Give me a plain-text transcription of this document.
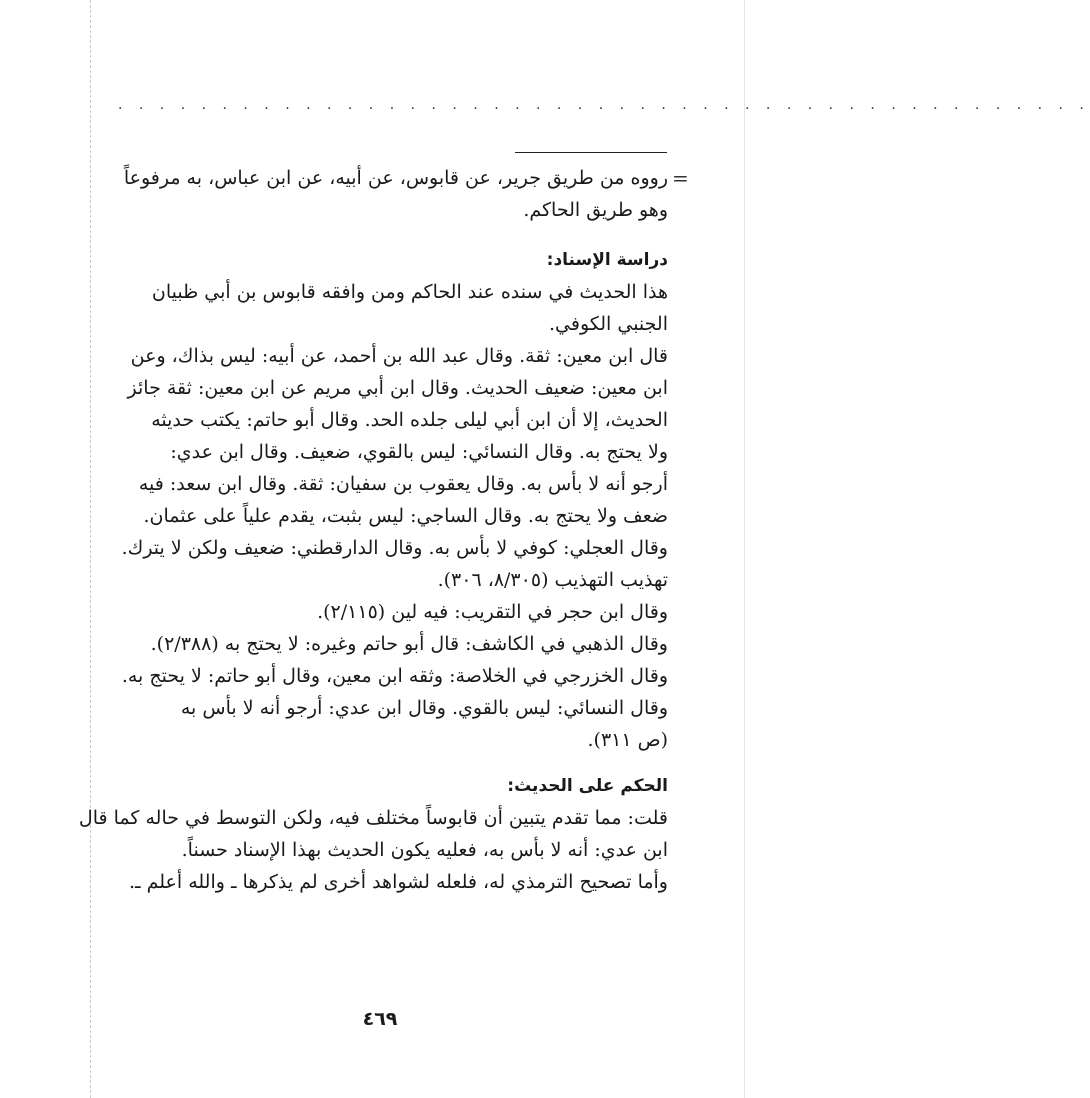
. . . . . . . . . . . . . . . . . . . . . . . . . . . . . . . . . . . . . . . . . . . . . . .
=
رووه من طريق جرير، عن قابوس، عن أبيه، عن ابن عباس، به مرفوعاً
وهو طريق الحاكم.
دراسة الإسناد:
هذا الحديث في سنده عند الحاكم ومن وافقه قابوس بن أبي ظبيان
الجنبي الكوفي.
قال ابن معين: ثقة. وقال عبد الله بن أحمد، عن أبيه: ليس بذاك، وعن
ابن معين: ضعيف الحديث. وقال ابن أبي مريم عن ابن معين: ثقة جائز
الحديث، إلا أن ابن أبي ليلى جلده الحد. وقال أبو حاتم: يكتب حديثه
ولا يحتج به. وقال النسائي: ليس بالقوي، ضعيف. وقال ابن عدي:
أرجو أنه لا بأس به. وقال يعقوب بن سفيان: ثقة. وقال ابن سعد: فيه
ضعف ولا يحتج به. وقال الساجي: ليس بثبت، يقدم علياً على عثمان.
وقال العجلي: كوفي لا بأس به. وقال الدارقطني: ضعيف ولكن لا يترك.
تهذيب التهذيب (٨/٣٠٥، ٣٠٦).
وقال ابن حجر في التقريب: فيه لين (٢/١١٥).
وقال الذهبي في الكاشف: قال أبو حاتم وغيره: لا يحتج به (٢/٣٨٨).
وقال الخزرجي في الخلاصة: وثقه ابن معين، وقال أبو حاتم: لا يحتج به.
وقال النسائي: ليس بالقوي. وقال ابن عدي: أرجو أنه لا بأس به
(ص ٣١١).
الحكم على الحديث:
قلت: مما تقدم يتبين أن قابوساً مختلف فيه، ولكن التوسط في حاله كما قال
ابن عدي: أنه لا بأس به، فعليه يكون الحديث بهذا الإسناد حسناً.
وأما تصحيح الترمذي له، فلعله لشواهد أخرى لم يذكرها ـ والله أعلم ـ.
٤٦٩
